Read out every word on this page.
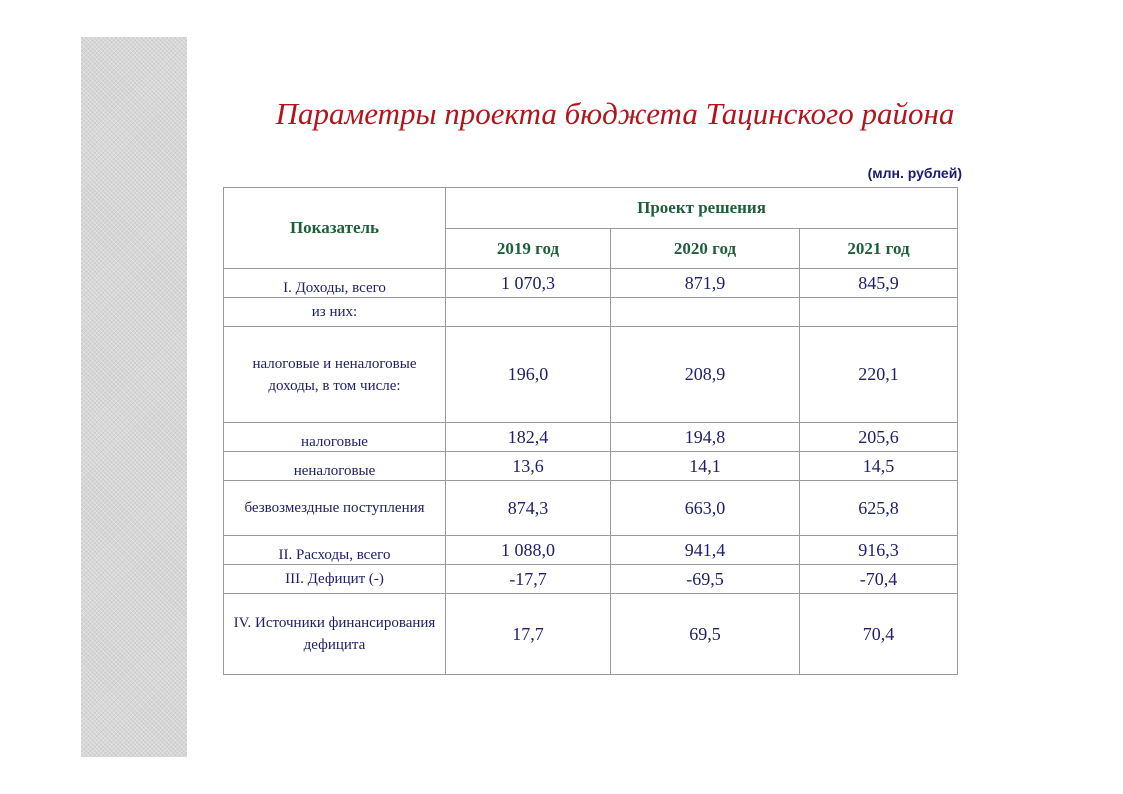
Параметры проекта бюджета Тацинского района
(млн. рублей)
Показатель	Проект решения		
	2019 год	2020 год	2021 год
I. Доходы, всего	1 070,3	871,9	845,9
из них:			
налоговые и неналоговые доходы, в том числе:	196,0	208,9	220,1
налоговые	182,4	194,8	205,6
неналоговые	13,6	14,1	14,5
безвозмездные поступления	874,3	663,0	625,8
II. Расходы, всего	1 088,0	941,4	916,3
III. Дефицит (-)	-17,7	-69,5	-70,4
IV. Источники финансирования дефицита	17,7	69,5	70,4
